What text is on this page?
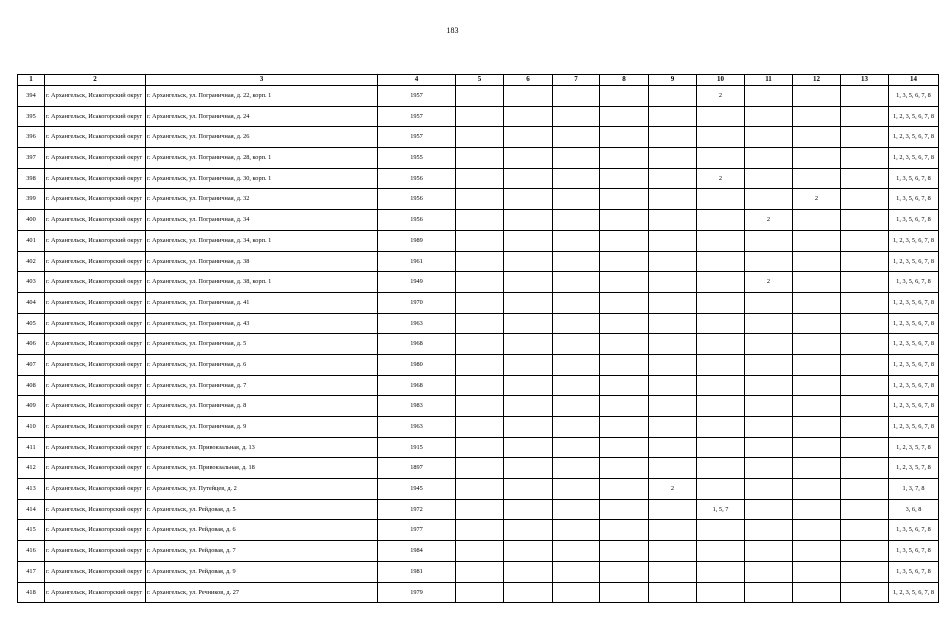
183
1	2	3	4	5	6	7	8	9	10	11	12	13	14
394	г. Архангельск, Исакогорский округ	г. Архангельск, ул. Пограничная, д. 22, корп. 1	1957						2				1, 3, 5, 6, 7, 8
395	г. Архангельск, Исакогорский округ	г. Архангельск, ул. Пограничная, д. 24	1957										1, 2, 3, 5, 6, 7, 8
396	г. Архангельск, Исакогорский округ	г. Архангельск, ул. Пограничная, д. 26	1957										1, 2, 3, 5, 6, 7, 8
397	г. Архангельск, Исакогорский округ	г. Архангельск, ул. Пограничная, д. 28, корп. 1	1955										1, 2, 3, 5, 6, 7, 8
398	г. Архангельск, Исакогорский округ	г. Архангельск, ул. Пограничная, д. 30, корп. 1	1956						2				1, 3, 5, 6, 7, 8
399	г. Архангельск, Исакогорский округ	г. Архангельск, ул. Пограничная, д. 32	1956								2		1, 3, 5, 6, 7, 8
400	г. Архангельск, Исакогорский округ	г. Архангельск, ул. Пограничная, д. 34	1956							2			1, 3, 5, 6, 7, 8
401	г. Архангельск, Исакогорский округ	г. Архангельск, ул. Пограничная, д. 34, корп. 1	1989										1, 2, 3, 5, 6, 7, 8
402	г. Архангельск, Исакогорский округ	г. Архангельск, ул. Пограничная, д. 38	1961										1, 2, 3, 5, 6, 7, 8
403	г. Архангельск, Исакогорский округ	г. Архангельск, ул. Пограничная, д. 38, корп. 1	1949							2			1, 3, 5, 6, 7, 8
404	г. Архангельск, Исакогорский округ	г. Архангельск, ул. Пограничная, д. 41	1970										1, 2, 3, 5, 6, 7, 8
405	г. Архангельск, Исакогорский округ	г. Архангельск, ул. Пограничная, д. 43	1963										1, 2, 3, 5, 6, 7, 8
406	г. Архангельск, Исакогорский округ	г. Архангельск, ул. Пограничная, д. 5	1968										1, 2, 3, 5, 6, 7, 8
407	г. Архангельск, Исакогорский округ	г. Архангельск, ул. Пограничная, д. 6	1980										1, 2, 3, 5, 6, 7, 8
408	г. Архангельск, Исакогорский округ	г. Архангельск, ул. Пограничная, д. 7	1968										1, 2, 3, 5, 6, 7, 8
409	г. Архангельск, Исакогорский округ	г. Архангельск, ул. Пограничная, д. 8	1983										1, 2, 3, 5, 6, 7, 8
410	г. Архангельск, Исакогорский округ	г. Архангельск, ул. Пограничная, д. 9	1963										1, 2, 3, 5, 6, 7, 8
411	г. Архангельск, Исакогорский округ	г. Архангельск, ул. Привокзальная, д. 13	1915										1, 2, 3, 5, 7, 8
412	г. Архангельск, Исакогорский округ	г. Архангельск, ул. Привокзальная, д. 18	1897										1, 2, 3, 5, 7, 8
413	г. Архангельск, Исакогорский округ	г. Архангельск, ул. Путейцев, д. 2	1945					2					1, 3, 7, 8
414	г. Архангельск, Исакогорский округ	г. Архангельск, ул. Рейдовая, д. 5	1972						1, 5, 7				3, 6, 8
415	г. Архангельск, Исакогорский округ	г. Архангельск, ул. Рейдовая, д. 6	1977										1, 3, 5, 6, 7, 8
416	г. Архангельск, Исакогорский округ	г. Архангельск, ул. Рейдовая, д. 7	1984										1, 3, 5, 6, 7, 8
417	г. Архангельск, Исакогорский округ	г. Архангельск, ул. Рейдовая, д. 9	1981										1, 3, 5, 6, 7, 8
418	г. Архангельск, Исакогорский округ	г. Архангельск, ул. Речников, д. 27	1979										1, 2, 3, 5, 6, 7, 8
